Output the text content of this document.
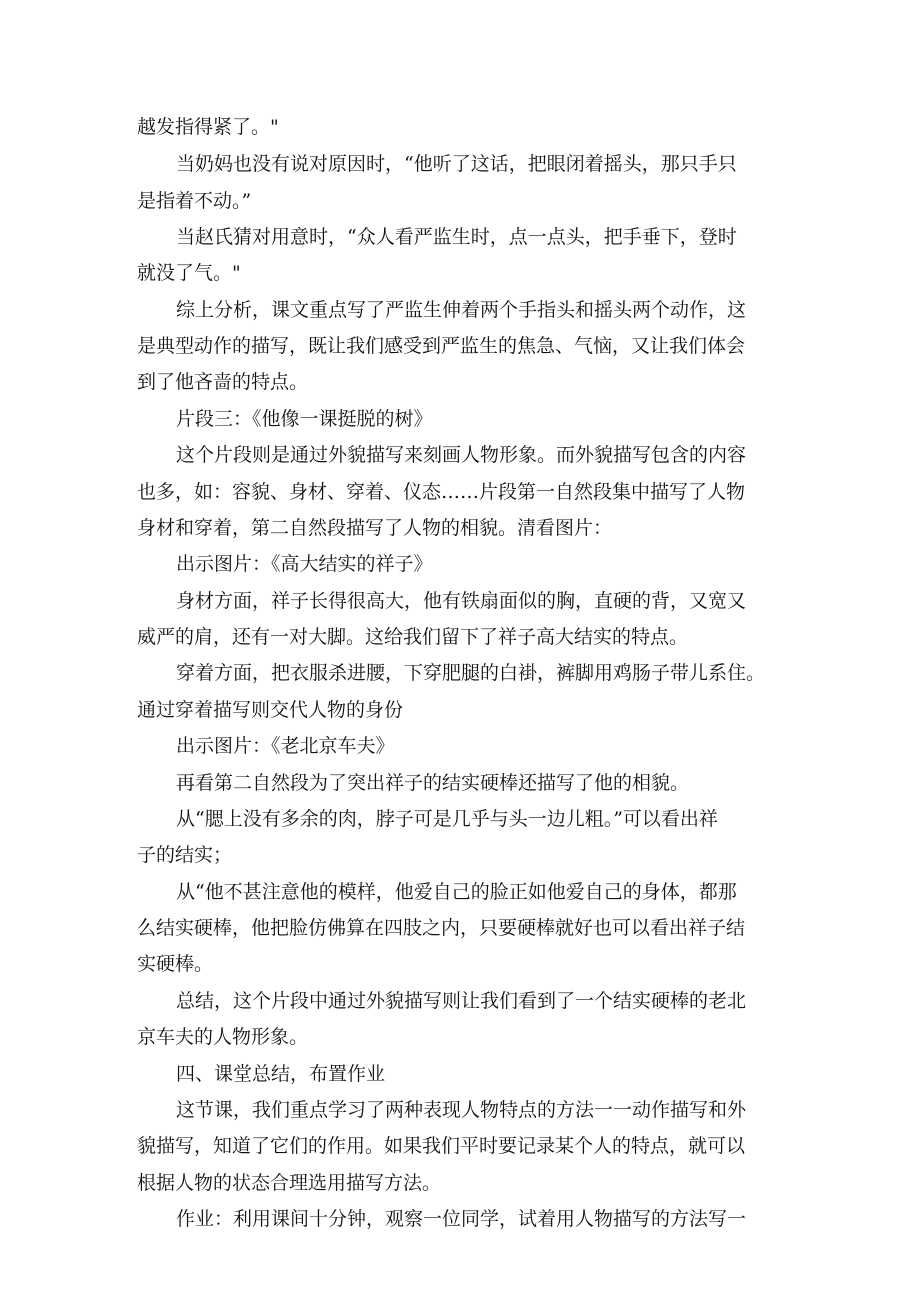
越发指得紧了。"
当奶妈也没有说对原因时，“他听了这话，把眼闭着摇头，那只手只
是指着不动。”
当赵氏猜对用意时，“众人看严监生时，点一点头，把手垂下，登时
就没了气。"
综上分析，课文重点写了严监生伸着两个手指头和摇头两个动作，这
是典型动作的描写，既让我们感受到严监生的焦急、气恼，又让我们体会
到了他吝啬的特点。
片段三：《他像一课挺脱的树》
这个片段则是通过外貌描写来刻画人物形象。而外貌描写包含的内容
也多，如：容貌、身材、穿着、仪态……片段第一自然段集中描写了人物
身材和穿着，第二自然段描写了人物的相貌。清看图片：
出示图片：《高大结实的祥子》
身材方面，祥子长得很高大，他有铁扇面似的胸，直硬的背，又宽又
威严的肩，还有一对大脚。这给我们留下了祥子高大结实的特点。
穿着方面，把衣服杀进腰，下穿肥腿的白褂，裤脚用鸡肠子带儿系住。
通过穿着描写则交代人物的身份
出示图片：《老北京车夫》
再看第二自然段为了突出祥子的结实硬棒还描写了他的相貌。
从“腮上没有多余的肉，脖子可是几乎与头一边儿粗。”可以看出祥
子的结实；
从“他不甚注意他的模样，他爱自己的脸正如他爱自己的身体，都那
么结实硬棒，他把脸仿佛算在四肢之内，只要硬棒就好也可以看出祥子结
实硬棒。
总结，这个片段中通过外貌描写则让我们看到了一个结实硬棒的老北
京车夫的人物形象。
四、课堂总结，布置作业
这节课，我们重点学习了两种表现人物特点的方法一一动作描写和外
貌描写，知道了它们的作用。如果我们平时要记录某个人的特点，就可以
根据人物的状态合理选用描写方法。
作业：利用课间十分钟，观察一位同学，试着用人物描写的方法写一
